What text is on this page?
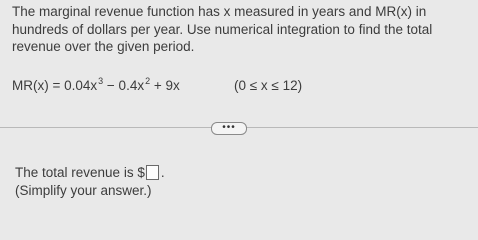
The marginal revenue function has x measured in years and MR(x) in hundreds of dollars per year. Use numerical integration to find the total revenue over the given period.
$MR(x) = 0.04x^3 - 0.4x^2 + 9x$	(0 ≤ x ≤ 12)
•••
The total revenue is $ .
(Simplify your answer.)
